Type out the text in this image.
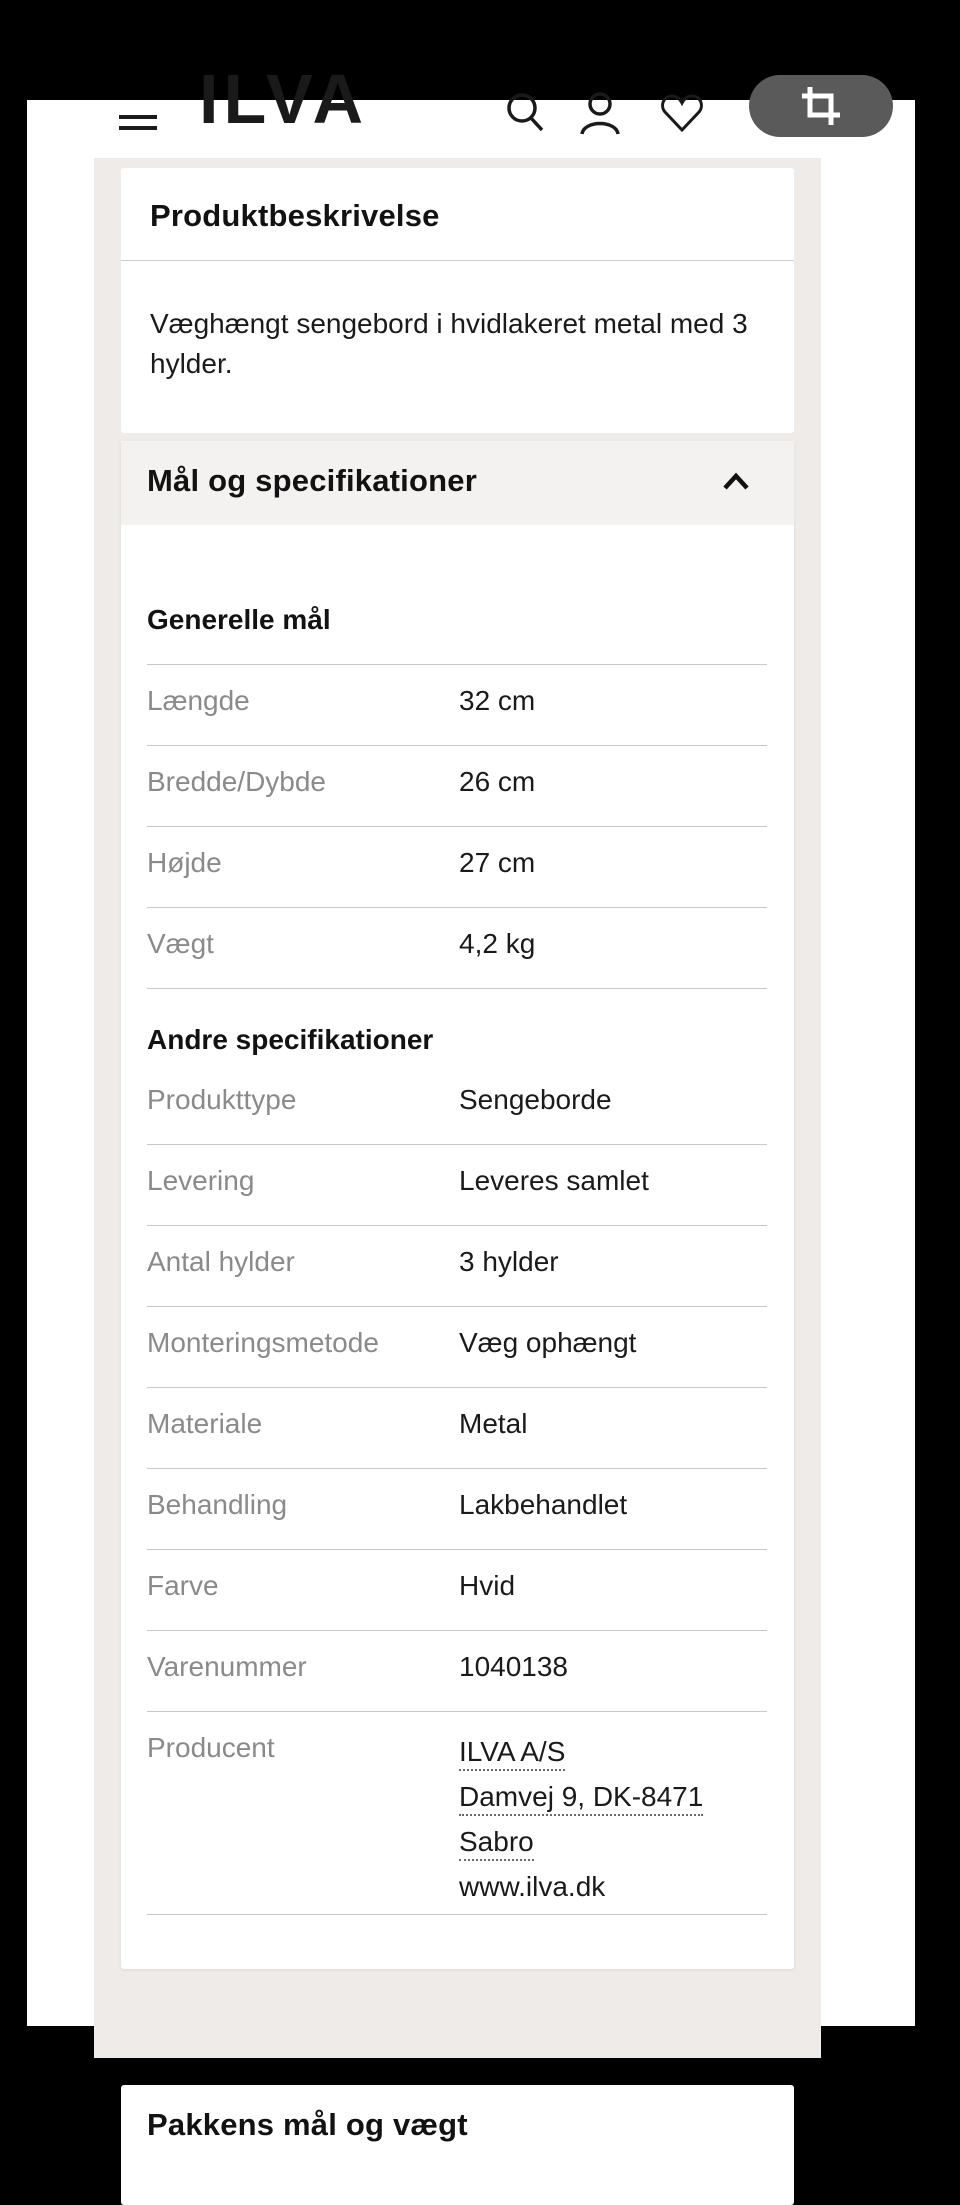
ILVA
Produktbeskrivelse
Væghængt sengebord i hvidlakeret metal med 3 hylder.
Mål og specifikationer
Generelle mål
Længde	32 cm
Bredde/Dybde	26 cm
Højde	27 cm
Vægt	4,2 kg
Andre specifikationer
Produkttype	Sengeborde
Levering	Leveres samlet
Antal hylder	3 hylder
Monteringsmetode	Væg ophængt
Materiale	Metal
Behandling	Lakbehandlet
Farve	Hvid
Varenummer	1040138
Producent	ILVA A/S
Damvej 9, DK-8471
Sabro
www.ilva.dk
Pakkens mål og vægt
